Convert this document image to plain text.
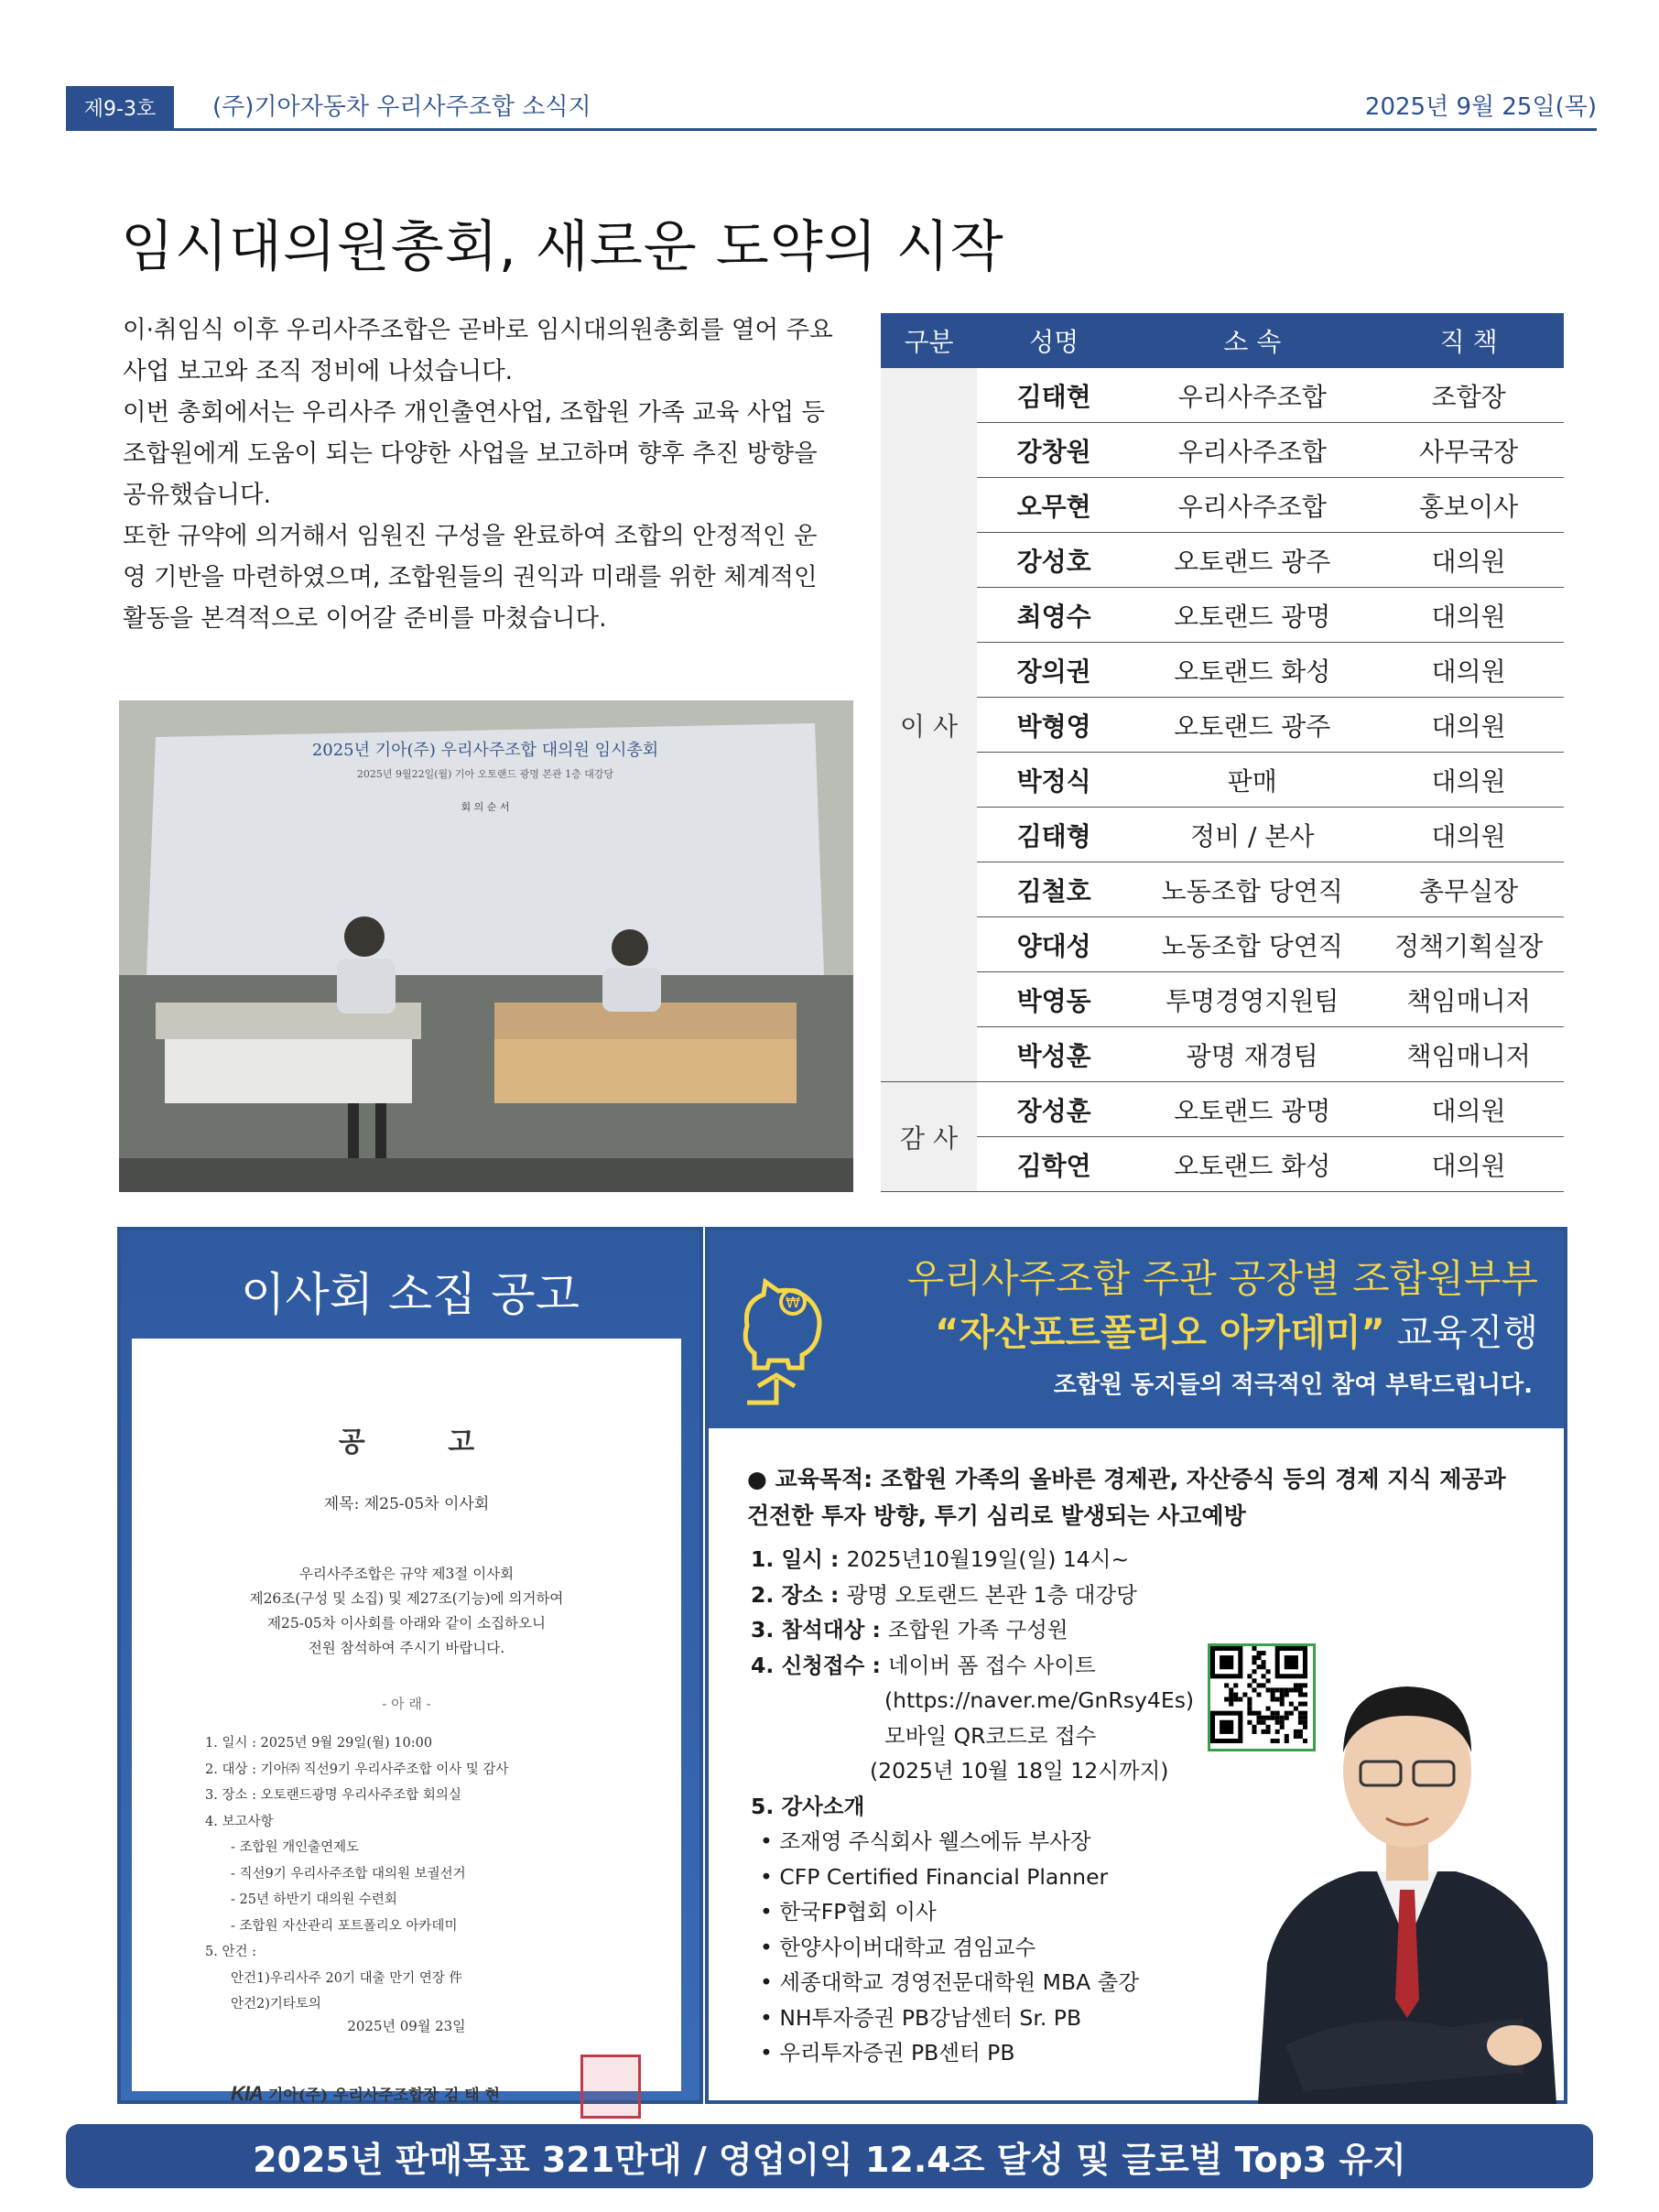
제9-3호	(주)기아자동차 우리사주조합 소식지	2025년 9월 25일(목)
임시대의원총회, 새로운 도약의 시작

이·취임식 이후 우리사주조합은 곧바로 임시대의원총회를 열어 주요 사업 보고와 조직 정비에 나섰습니다.

이번 총회에서는 우리사주 개인출연사업, 조합원 가족 교육 사업 등 조합원에게 도움이 되는 다양한 사업을 보고하며 향후 추진 방향을 공유했습니다.

또한 규약에 의거해서 임원진 구성을 완료하여 조합의 안정적인 운영 기반을 마련하였으며, 조합원들의 권익과 미래를 위한 체계적인 활동을 본격적으로 이어갈 준비를 마쳤습니다.

2025년 기아(주) 우리사주조합 대의원 임시총회
2025년 9월22일(월) 기아 오토랜드 광명 본관 1층 대강당
회 의 순 서
구분	성명	소 속	직 책
이 사	김태현	우리사주조합	조합장
	강창원	우리사주조합	사무국장
	오무현	우리사주조합	홍보이사
	강성호	오토랜드 광주	대의원
	최영수	오토랜드 광명	대의원
	장의권	오토랜드 화성	대의원
	박형영	오토랜드 광주	대의원
	박정식	판매	대의원
	김태형	정비 / 본사	대의원
	김철호	노동조합 당연직	총무실장
	양대성	노동조합 당연직	정책기획실장
	박영동	투명경영지원팀	책임매니저
	박성훈	광명 재경팀	책임매니저
감 사	장성훈	오토랜드 광명	대의원
	김학연	오토랜드 화성	대의원
이사회 소집 공고
공 고
제목: 제25-05차 이사회
우리사주조합은 규약 제3절 이사회
제26조(구성 및 소집) 및 제27조(기능)에 의거하여
제25-05차 이사회를 아래와 같이 소집하오니
전원 참석하여 주시기 바랍니다.
- 아 래 -
1. 일시 : 2025년 9월 29일(월) 10:00
2. 대상 : 기아㈜ 직선9기 우리사주조합 이사 및 감사
3. 장소 : 오토랜드광명 우리사주조합 회의실
4. 보고사항
- 조합원 개인출연제도
- 직선9기 우리사주조합 대의원 보궐선거
- 25년 하반기 대의원 수련회
- 조합원 자산관리 포트폴리오 아카데미
5. 안건 :
안건1)우리사주 20기 대출 만기 연장 件
안건2)기타토의
2025년 09월 23일
KIA 기아(주) 우리사주조합장 김 태 현
₩
우리사주조합 주관 공장별 조합원부부
“자산포트폴리오 아카데미” 교육진행
조합원 동지들의 적극적인 참여 부탁드립니다.
● 교육목적: 조합원 가족의 올바른 경제관, 자산증식 등의 경제 지식 제공과 건전한 투자 방향, 투기 심리로 발생되는 사고예방
1. 일시 : 2025년10월19일(일) 14시~
2. 장소 : 광명 오토랜드 본관 1층 대강당
3. 참석대상 : 조합원 가족 구성원
4. 신청접수 : 네이버 폼 접수 사이트
(https://naver.me/GnRsy4Es)
모바일 QR코드로 접수
(2025년 10월 18일 12시까지)
5. 강사소개
• 조재영 주식회사 웰스에듀 부사장
• CFP Certified Financial Planner
• 한국FP협회 이사
• 한양사이버대학교 겸임교수
• 세종대학교 경영전문대학원 MBA 출강
• NH투자증권 PB강남센터 Sr. PB
• 우리투자증권 PB센터 PB
2025년 판매목표 321만대 / 영업이익 12.4조 달성 및 글로벌 Top3 유지
